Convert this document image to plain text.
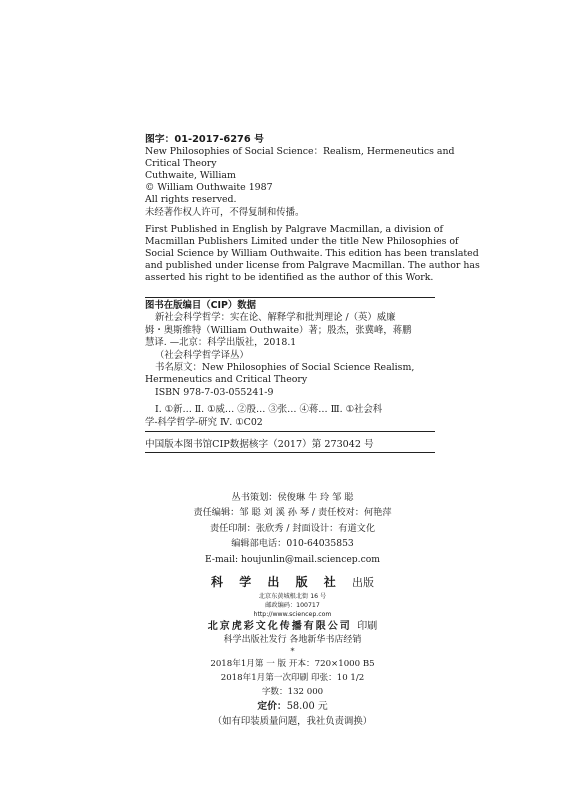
图字：01-2017-6276 号
New Philosophies of Social Science：Realism, Hermeneutics and
Critical Theory
Cuthwaite, William
© William Outhwaite 1987
All rights reserved.
未经著作权人许可，不得复制和传播。
First Published in English by Palgrave Macmillan, a division of
Macmillan Publishers Limited under the title New Philosophies of
Social Science by William Outhwaite. This edition has been translated
and published under license from Palgrave Macmillan. The author has
asserted his right to be identified as the author of this Work.
图书在版编目（CIP）数据
新社会科学哲学：实在论、解释学和批判理论 /（英）威廉
姆・奥斯维特（William Outhwaite）著；殷杰，张冀峰，蒋鹏
慧译. —北京：科学出版社，2018.1
（社会科学哲学译丛）
书名原文：New Philosophies of Social Science Realism,
Hermeneutics and Critical Theory
ISBN 978-7-03-055241-9
Ⅰ. ①新… Ⅱ. ①威… ②殷… ③张… ④蒋… Ⅲ. ①社会科
学-科学哲学-研究 Ⅳ. ①C02
中国版本图书馆CIP数据核字（2017）第 273042 号
丛书策划：侯俊琳 牛 玲 邹 聪
责任编辑：邹 聪 刘 溪 孙 琴 / 责任校对：何艳萍
责任印制：张欣秀 / 封面设计：有道文化
编辑部电话：010-64035853
E-mail: houjunlin@mail.sciencep.com
科 学 出 版 社 出版
北京东黄城根北街 16 号
邮政编码：100717
http://www.sciencep.com
北京虎彩文化传播有限公司 印刷
科学出版社发行 各地新华书店经销
*
2018年1月第 一 版 开本：720×1000 B5
2018年1月第一次印刷 印张：10 1/2
字数：132 000
定价：58.00 元
（如有印装质量问题，我社负责调换）
